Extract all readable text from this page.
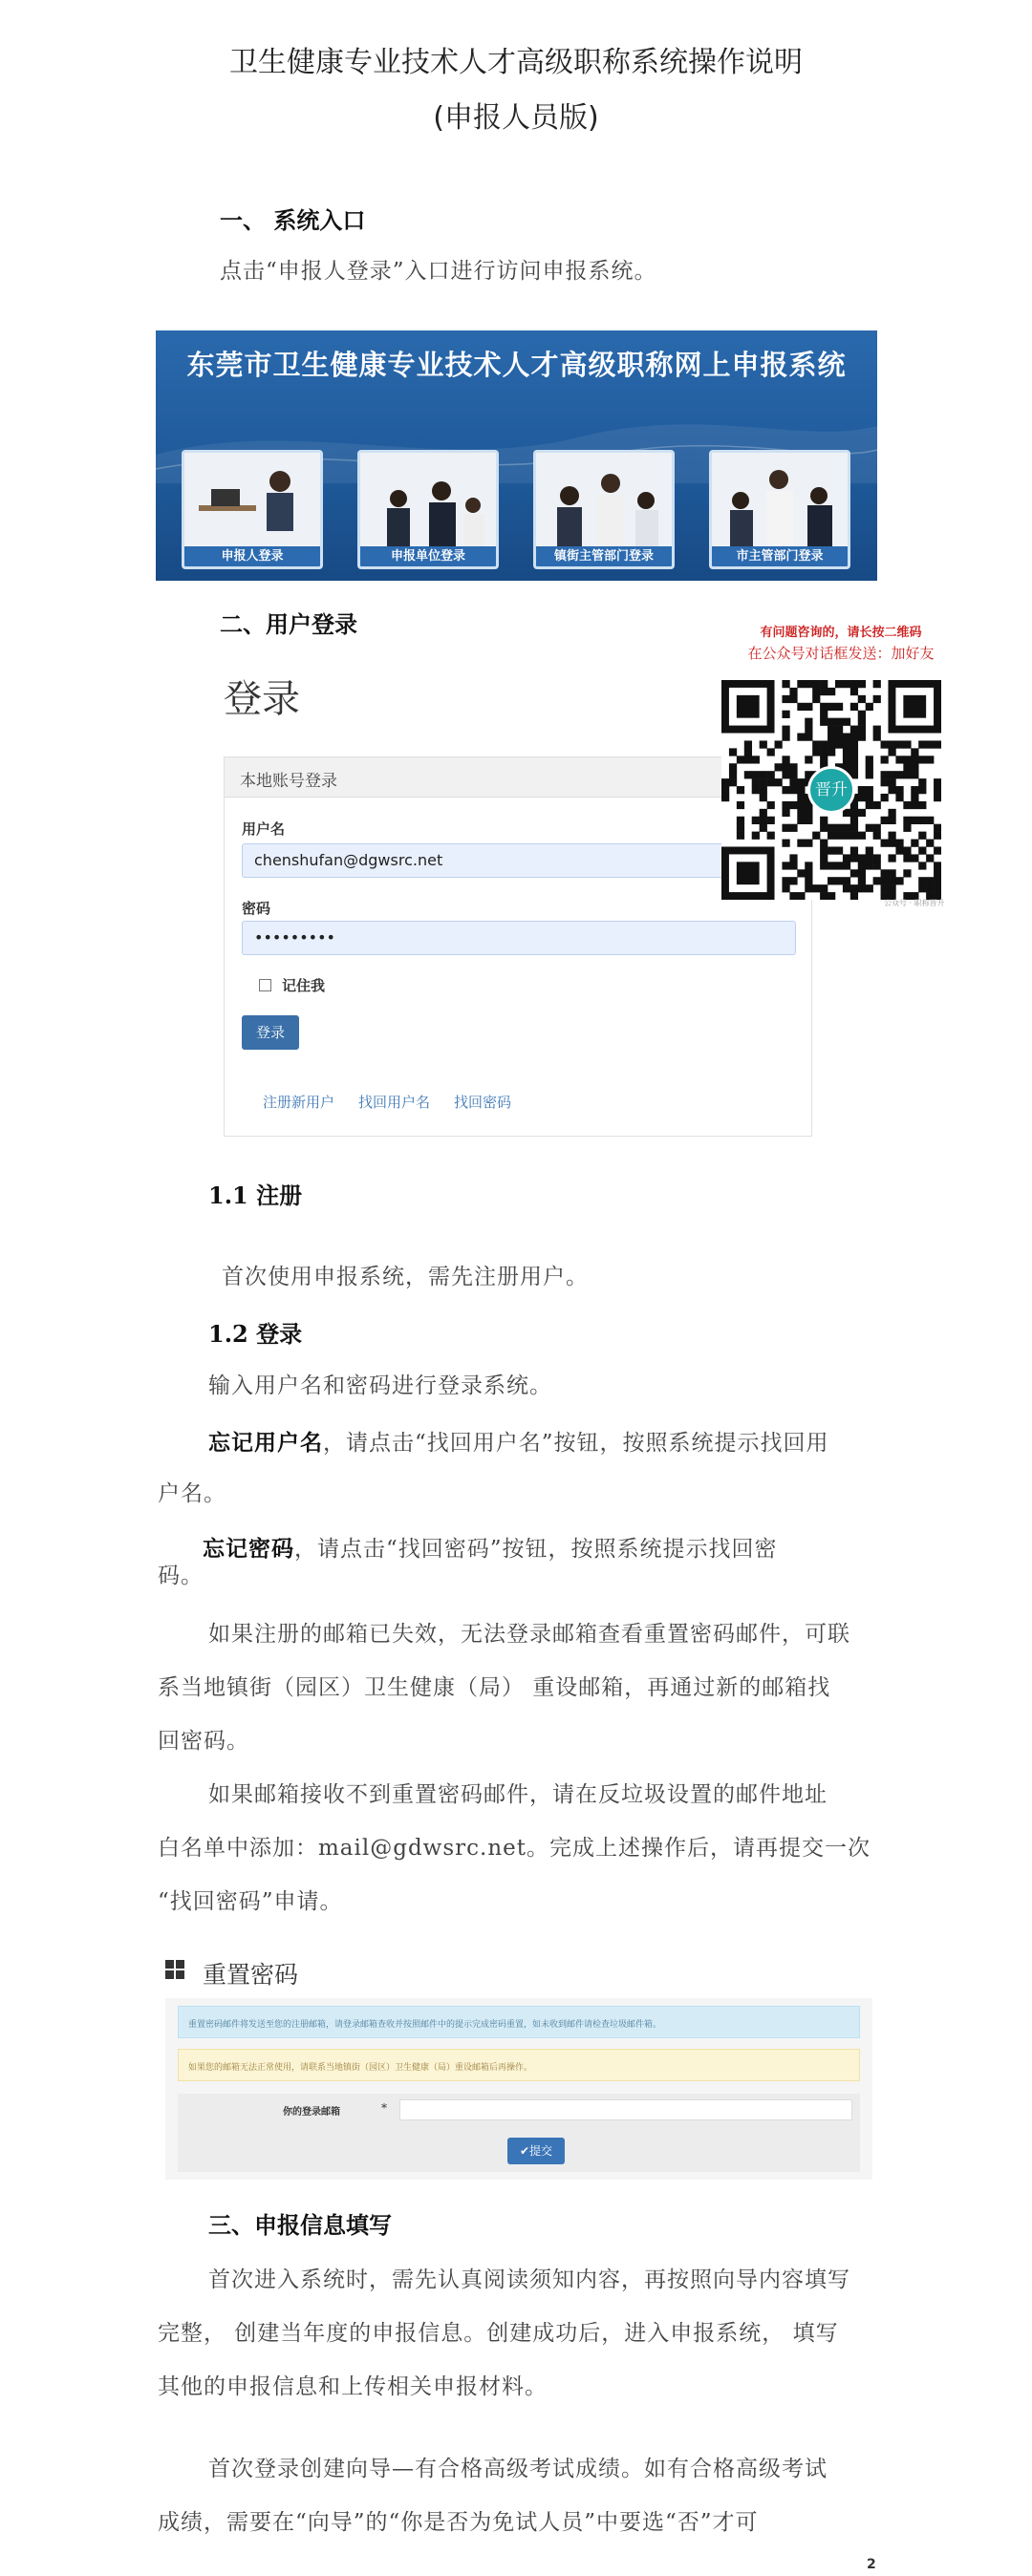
卫生健康专业技术人才高级职称系统操作说明
(申报人员版)
一、 系统入口
点击“申报人登录”入口进行访问申报系统。
东莞市卫生健康专业技术人才高级职称网上申报系统
申报人登录	申报单位登录	镇街主管部门登录	市主管部门登录
二、用户登录	有问题咨询的，请长按二维码
在公众号对话框发送：加好友
登录
本地账号登录
用户名
chenshufan@dgwsrc.net
密码
•••••••••
记住我
登录
注册新用户 找回用户名 找回密码
晋升
公众号 · 职称晋升
1.1 注册
首次使用申报系统，需先注册用户。
1.2 登录
输入用户名和密码进行登录系统。
忘记用户名，请点击“找回用户名”按钮，按照系统提示找回用
户名。
忘记密码，请点击“找回密码”按钮，按照系统提示找回密
码。
如果注册的邮箱已失效，无法登录邮箱查看重置密码邮件，可联
系当地镇街（园区）卫生健康（局） 重设邮箱，再通过新的邮箱找
回密码。
如果邮箱接收不到重置密码邮件，请在反垃圾设置的邮件地址
白名单中添加：mail@gdwsrc.net。完成上述操作后，请再提交一次
“找回密码”申请。
重置密码
重置密码邮件将发送至您的注册邮箱，请登录邮箱查收并按照邮件中的提示完成密码重置，如未收到邮件请检查垃圾邮件箱。
如果您的邮箱无法正常使用，请联系当地镇街（园区）卫生健康（局）重设邮箱后再操作。
你的登录邮箱	*
✔提交
三、申报信息填写
首次进入系统时，需先认真阅读须知内容，再按照向导内容填写
完整， 创建当年度的申报信息。创建成功后，进入申报系统， 填写
其他的申报信息和上传相关申报材料。
首次登录创建向导—有合格高级考试成绩。如有合格高级考试
成绩，需要在“向导”的“你是否为免试人员”中要选“否”才可
2
